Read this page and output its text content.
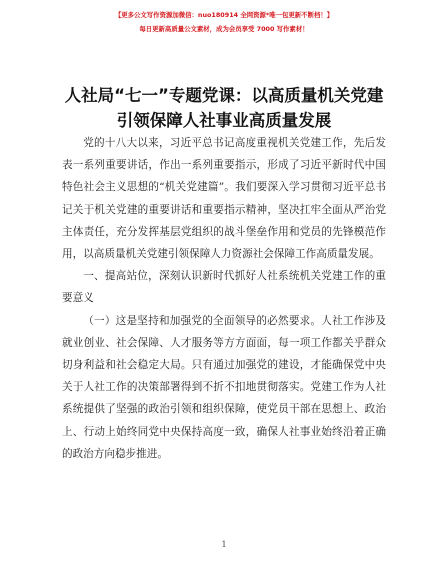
【更多公文写作资源加微信：nuo180914 全网资源*唯一包更新不断档！】
每日更新高质量公文素材，成为会员享受 7000 写作素材！
人社局“七一”专题党课：以高质量机关党建
引领保障人社事业高质量发展

党的十八大以来，习近平总书记高度重视机关党建工作，先后发表一系列重要讲话，作出一系列重要指示，形成了习近平新时代中国特色社会主义思想的“机关党建篇”。我们要深入学习贯彻习近平总书记关于机关党建的重要讲话和重要指示精神，坚决扛牢全面从严治党主体责任，充分发挥基层党组织的战斗堡垒作用和党员的先锋模范作用，以高质量机关党建引领保障人力资源社会保障工作高质量发展。

一、提高站位，深刻认识新时代抓好人社系统机关党建工作的重要意义

（一）这是坚持和加强党的全面领导的必然要求。人社工作涉及就业创业、社会保障、人才服务等方方面面，每一项工作都关乎群众切身利益和社会稳定大局。只有通过加强党的建设，才能确保党中央关于人社工作的决策部署得到不折不扣地贯彻落实。党建工作为人社系统提供了坚强的政治引领和组织保障，使党员干部在思想上、政治上、行动上始终同党中央保持高度一致，确保人社事业始终沿着正确的政治方向稳步推进。

1
